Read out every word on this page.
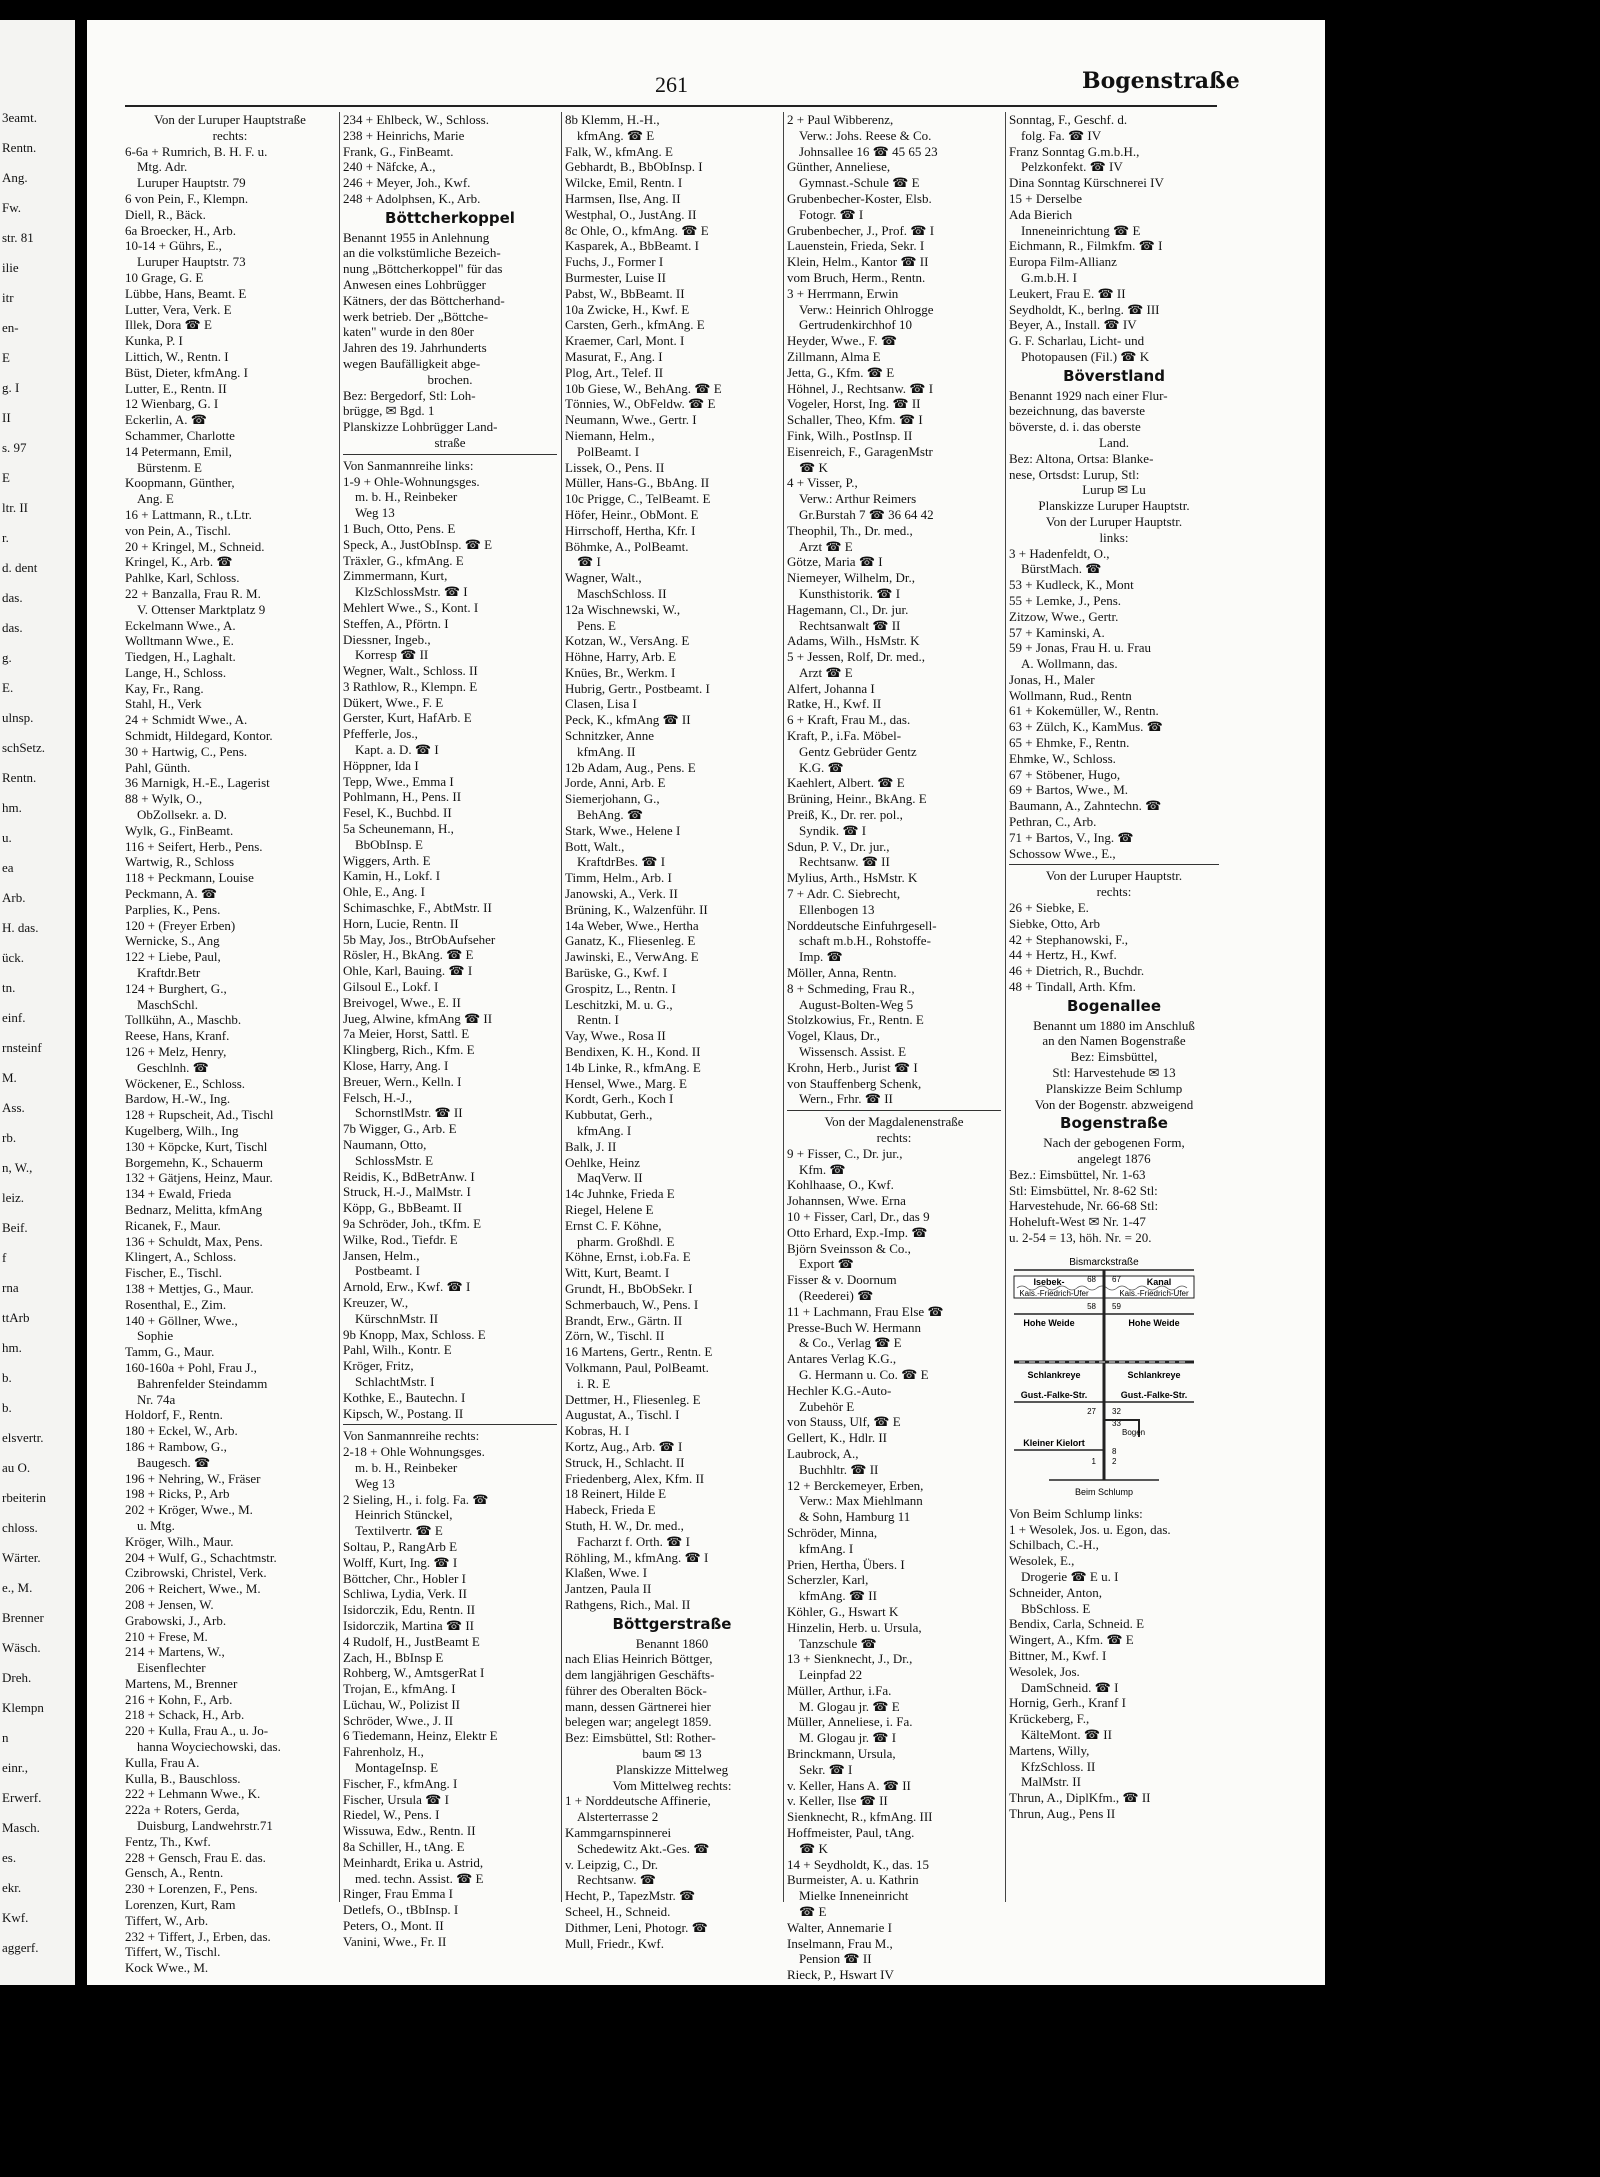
3eamt.
Rentn.
Ang.
Fw.
str. 81
ilie
itr
en-
E
g. I
II
s. 97
E
ltr. II
r.
d. dent
das.
das.
g.
E.
ulnsp.
schSetz.
Rentn.
hm.
u.
ea
Arb.
H. das.
ück.
tn.
einf.
rnsteinf
M.
Ass.
rb.
n, W.,
leiz.
Beif.
f
rna
ttArb
hm.
b.
b.
elsvertr.
au O.
rbeiterin
chloss.
Wärter.
e., M.
Brenner
Wäsch.
Dreh.
Klempn
n
einr.,
Erwerf.
Masch.
es.
ekr.
Kwf.
aggerf.
261	Bogenstraße
Von der Luruper Hauptstraße
rechts:
6-6a + Rumrich, B. H. F. u.
Mtg. Adr.
Luruper Hauptstr. 79
6 von Pein, F., Klempn.
Diell, R., Bäck.
6a Broecker, H., Arb.
10-14 + Gührs, E.,
Luruper Hauptstr. 73
10 Grage, G. E
Lübbe, Hans, Beamt. E
Lutter, Vera, Verk. E
Illek, Dora ☎ E
Kunka, P. I
Littich, W., Rentn. I
Büst, Dieter, kfmAng. I
Lutter, E., Rentn. II
12 Wienbarg, G. I
Eckerlin, A. ☎
Schammer, Charlotte
14 Petermann, Emil,
Bürstenm. E
Koopmann, Günther,
Ang. E
16 + Lattmann, R., t.Ltr.
von Pein, A., Tischl.
20 + Kringel, M., Schneid.
Kringel, K., Arb. ☎
Pahlke, Karl, Schloss.
22 + Banzalla, Frau R. M.
V. Ottenser Marktplatz 9
Eckelmann Wwe., A.
Wolltmann Wwe., E.
Tiedgen, H., Laghalt.
Lange, H., Schloss.
Kay, Fr., Rang.
Stahl, H., Verk
24 + Schmidt Wwe., A.
Schmidt, Hildegard, Kontor.
30 + Hartwig, C., Pens.
Pahl, Günth.
36 Marnigk, H.-E., Lagerist
88 + Wylk, O.,
ObZollsekr. a. D.
Wylk, G., FinBeamt.
116 + Seifert, Herb., Pens.
Wartwig, R., Schloss
118 + Peckmann, Louise
Peckmann, A. ☎
Parplies, K., Pens.
120 + (Freyer Erben)
Wernicke, S., Ang
122 + Liebe, Paul,
Kraftdr.Betr
124 + Burghert, G.,
MaschSchl.
Tollkühn, A., Maschb.
Reese, Hans, Kranf.
126 + Melz, Henry,
Geschlnh. ☎
Wöckener, E., Schloss.
Bardow, H.-W., Ing.
128 + Rupscheit, Ad., Tischl
Kugelberg, Wilh., Ing
130 + Köpcke, Kurt, Tischl
Borgemehn, K., Schauerm
132 + Gätjens, Heinz, Maur.
134 + Ewald, Frieda
Bednarz, Melitta, kfmAng
Ricanek, F., Maur.
136 + Schuldt, Max, Pens.
Klingert, A., Schloss.
Fischer, E., Tischl.
138 + Mettjes, G., Maur.
Rosenthal, E., Zim.
140 + Göllner, Wwe.,
Sophie
Tamm, G., Maur.
160-160a + Pohl, Frau J.,
Bahrenfelder Steindamm
Nr. 74a
Holdorf, F., Rentn.
180 + Eckel, W., Arb.
186 + Rambow, G.,
Baugesch. ☎
196 + Nehring, W., Fräser
198 + Ricks, P., Arb
202 + Kröger, Wwe., M.
u. Mtg.
Kröger, Wilh., Maur.
204 + Wulf, G., Schachtmstr.
Czibrowski, Christel, Verk.
206 + Reichert, Wwe., M.
208 + Jensen, W.
Grabowski, J., Arb.
210 + Frese, M.
214 + Martens, W.,
Eisenflechter
Martens, M., Brenner
216 + Kohn, F., Arb.
218 + Schack, H., Arb.
220 + Kulla, Frau A., u. Jo-
hanna Woyciechowski, das.
Kulla, Frau A.
Kulla, B., Bauschloss.
222 + Lehmann Wwe., K.
222a + Roters, Gerda,
Duisburg, Landwehrstr.71
Fentz, Th., Kwf.
228 + Gensch, Frau E. das.
Gensch, A., Rentn.
230 + Lorenzen, F., Pens.
Lorenzen, Kurt, Ram
Tiffert, W., Arb.
232 + Tiffert, J., Erben, das.
Tiffert, W., Tischl.
Kock Wwe., M.
234 + Ehlbeck, W., Schloss.
238 + Heinrichs, Marie
Frank, G., FinBeamt.
240 + Näfcke, A.,
246 + Meyer, Joh., Kwf.
248 + Adolphsen, K., Arb.
Böttcherkoppel
Benannt 1955 in Anlehnung
an die volkstümliche Bezeich-
nung „Böttcherkoppel" für das
Anwesen eines Lohbrügger
Kätners, der das Böttcherhand-
werk betrieb. Der „Böttche-
katen" wurde in den 80er
Jahren des 19. Jahrhunderts
wegen Baufälligkeit abge-
brochen.
Bez: Bergedorf, Stl: Loh-
brügge, ✉ Bgd. 1
Planskizze Lohbrügger Land-
straße
Von Sanmannreihe links:
1-9 + Ohle-Wohnungsges.
m. b. H., Reinbeker
Weg 13
1 Buch, Otto, Pens. E
Speck, A., JustObInsp. ☎ E
Träxler, G., kfmAng. E
Zimmermann, Kurt,
KlzSchlossMstr. ☎ I
Mehlert Wwe., S., Kont. I
Steffen, A., Pförtn. I
Diessner, Ingeb.,
Korresp ☎ II
Wegner, Walt., Schloss. II
3 Rathlow, R., Klempn. E
Dükert, Wwe., F. E
Gerster, Kurt, HafArb. E
Pfefferle, Jos.,
Kapt. a. D. ☎ I
Höppner, Ida I
Tepp, Wwe., Emma I
Pohlmann, H., Pens. II
Fesel, K., Buchbd. II
5a Scheunemann, H.,
BbObInsp. E
Wiggers, Arth. E
Kamin, H., Lokf. I
Ohle, E., Ang. I
Schimaschke, F., AbtMstr. II
Horn, Lucie, Rentn. II
5b May, Jos., BtrObAufseher
Rösler, H., BkAng. ☎ E
Ohle, Karl, Bauing. ☎ I
Gilsoul E., Lokf. I
Breivogel, Wwe., E. II
Jueg, Alwine, kfmAng ☎ II
7a Meier, Horst, Sattl. E
Klingberg, Rich., Kfm. E
Klose, Harry, Ang. I
Breuer, Wern., Kelln. I
Felsch, H.-J.,
SchornstlMstr. ☎ II
7b Wigger, G., Arb. E
Naumann, Otto,
SchlossMstr. E
Reidis, K., BdBetrAnw. I
Struck, H.-J., MalMstr. I
Köpp, G., BbBeamt. II
9a Schröder, Joh., tKfm. E
Wilke, Rod., Tiefdr. E
Jansen, Helm.,
Postbeamt. I
Arnold, Erw., Kwf. ☎ I
Kreuzer, W.,
KürschnMstr. II
9b Knopp, Max, Schloss. E
Pahl, Wilh., Kontr. E
Kröger, Fritz,
SchlachtMstr. I
Kothke, E., Bautechn. I
Kipsch, W., Postang. II
Von Sanmannreihe rechts:
2-18 + Ohle Wohnungsges.
m. b. H., Reinbeker
Weg 13
2 Sieling, H., i. folg. Fa. ☎
Heinrich Stünckel,
Textilvertr. ☎ E
Soltau, P., RangArb E
Wolff, Kurt, Ing. ☎ I
Böttcher, Chr., Hobler I
Schliwa, Lydia, Verk. II
Isidorczik, Edu, Rentn. II
Isidorczik, Martina ☎ II
4 Rudolf, H., JustBeamt E
Zach, H., BbInsp E
Rohberg, W., AmtsgerRat I
Trojan, E., kfmAng. I
Lüchau, W., Polizist II
Schröder, Wwe., J. II
6 Tiedemann, Heinz, Elektr E
Fahrenholz, H.,
MontageInsp. E
Fischer, F., kfmAng. I
Fischer, Ursula ☎ I
Riedel, W., Pens. I
Wissuwa, Edw., Rentn. II
8a Schiller, H., tAng. E
Meinhardt, Erika u. Astrid,
med. techn. Assist. ☎ E
Ringer, Frau Emma I
Detlefs, O., tBbInsp. I
Peters, O., Mont. II
Vanini, Wwe., Fr. II
8b Klemm, H.-H.,
kfmAng. ☎ E
Falk, W., kfmAng. E
Gebhardt, B., BbObInsp. I
Wilcke, Emil, Rentn. I
Harmsen, Ilse, Ang. II
Westphal, O., JustAng. II
8c Ohle, O., kfmAng. ☎ E
Kasparek, A., BbBeamt. I
Fuchs, J., Former I
Burmester, Luise II
Pabst, W., BbBeamt. II
10a Zwicke, H., Kwf. E
Carsten, Gerh., kfmAng. E
Kraemer, Carl, Mont. I
Masurat, F., Ang. I
Plog, Art., Telef. II
10b Giese, W., BehAng. ☎ E
Tönnies, W., ObFeldw. ☎ E
Neumann, Wwe., Gertr. I
Niemann, Helm.,
PolBeamt. I
Lissek, O., Pens. II
Müller, Hans-G., BbAng. II
10c Prigge, C., TelBeamt. E
Höfer, Heinr., ObMont. E
Hirrschoff, Hertha, Kfr. I
Böhmke, A., PolBeamt.
☎ I
Wagner, Walt.,
MaschSchloss. II
12a Wischnewski, W.,
Pens. E
Kotzan, W., VersAng. E
Höhne, Harry, Arb. E
Knües, Br., Werkm. I
Hubrig, Gertr., Postbeamt. I
Clasen, Lisa I
Peck, K., kfmAng ☎ II
Schnitzker, Anne
kfmAng. II
12b Adam, Aug., Pens. E
Jorde, Anni, Arb. E
Siemerjohann, G.,
BehAng. ☎
Stark, Wwe., Helene I
Bott, Walt.,
KraftdrBes. ☎ I
Timm, Helm., Arb. I
Janowski, A., Verk. II
Brüning, K., Walzenführ. II
14a Weber, Wwe., Hertha
Ganatz, K., Fliesenleg. E
Jawinski, E., VerwAng. E
Barüske, G., Kwf. I
Grospitz, L., Rentn. I
Leschitzki, M. u. G.,
Rentn. I
Vay, Wwe., Rosa II
Bendixen, K. H., Kond. II
14b Linke, R., kfmAng. E
Hensel, Wwe., Marg. E
Kordt, Gerh., Koch I
Kubbutat, Gerh.,
kfmAng. I
Balk, J. II
Oehlke, Heinz
MaqVerw. II
14c Juhnke, Frieda E
Riegel, Helene E
Ernst C. F. Köhne,
pharm. Großhdl. E
Köhne, Ernst, i.ob.Fa. E
Witt, Kurt, Beamt. I
Grundt, H., BbObSekr. I
Schmerbauch, W., Pens. I
Brandt, Erw., Gärtn. II
Zörn, W., Tischl. II
16 Martens, Gertr., Rentn. E
Volkmann, Paul, PolBeamt.
i. R. E
Dettmer, H., Fliesenleg. E
Augustat, A., Tischl. I
Kobras, H. I
Kortz, Aug., Arb. ☎ I
Struck, H., Schlacht. II
Friedenberg, Alex, Kfm. II
18 Reinert, Hilde E
Habeck, Frieda E
Stuth, H. W., Dr. med.,
Facharzt f. Orth. ☎ I
Röhling, M., kfmAng. ☎ I
Klaßen, Wwe. I
Jantzen, Paula II
Rathgens, Rich., Mal. II
Böttgerstraße
Benannt 1860
nach Elias Heinrich Böttger,
dem langjährigen Geschäfts-
führer des Oberalten Böck-
mann, dessen Gärtnerei hier
belegen war; angelegt 1859.
Bez: Eimsbüttel, Stl: Rother-
baum ✉ 13
Planskizze Mittelweg
Vom Mittelweg rechts:
1 + Norddeutsche Affinerie,
Alsterterrasse 2
Kammgarnspinnerei
Schedewitz Akt.-Ges. ☎
v. Leipzig, C., Dr.
Rechtsanw. ☎
Hecht, P., TapezMstr. ☎
Scheel, H., Schneid.
Dithmer, Leni, Photogr. ☎
Mull, Friedr., Kwf.
2 + Paul Wibberenz,
Verw.: Johs. Reese & Co.
Johnsallee 16 ☎ 45 65 23
Günther, Anneliese,
Gymnast.-Schule ☎ E
Grubenbecher-Koster, Elsb.
Fotogr. ☎ I
Grubenbecher, J., Prof. ☎ I
Lauenstein, Frieda, Sekr. I
Klein, Helm., Kantor ☎ II
vom Bruch, Herm., Rentn.
3 + Herrmann, Erwin
Verw.: Heinrich Ohlrogge
Gertrudenkirchhof 10
Heyder, Wwe., F. ☎
Zillmann, Alma E
Jetta, G., Kfm. ☎ E
Höhnel, J., Rechtsanw. ☎ I
Vogeler, Horst, Ing. ☎ II
Schaller, Theo, Kfm. ☎ I
Fink, Wilh., PostInsp. II
Eisenreich, F., GaragenMstr
☎ K
4 + Visser, P.,
Verw.: Arthur Reimers
Gr.Burstah 7 ☎ 36 64 42
Theophil, Th., Dr. med.,
Arzt ☎ E
Götze, Maria ☎ I
Niemeyer, Wilhelm, Dr.,
Kunsthistorik. ☎ I
Hagemann, Cl., Dr. jur.
Rechtsanwalt ☎ II
Adams, Wilh., HsMstr. K
5 + Jessen, Rolf, Dr. med.,
Arzt ☎ E
Alfert, Johanna I
Ratke, H., Kwf. II
6 + Kraft, Frau M., das.
Kraft, P., i.Fa. Möbel-
Gentz Gebrüder Gentz
K.G. ☎
Kaehlert, Albert. ☎ E
Brüning, Heinr., BkAng. E
Preiß, K., Dr. rer. pol.,
Syndik. ☎ I
Sdun, P. V., Dr. jur.,
Rechtsanw. ☎ II
Mylius, Arth., HsMstr. K
7 + Adr. C. Siebrecht,
Ellenbogen 13
Norddeutsche Einfuhrgesell-
schaft m.b.H., Rohstoffe-
Imp. ☎
Möller, Anna, Rentn.
8 + Schmeding, Frau R.,
August-Bolten-Weg 5
Stolzkowius, Fr., Rentn. E
Vogel, Klaus, Dr.,
Wissensch. Assist. E
Krohn, Herb., Jurist ☎ I
von Stauffenberg Schenk,
Wern., Frhr. ☎ II
Von der Magdalenenstraße
rechts:
9 + Fisser, C., Dr. jur.,
Kfm. ☎
Kohlhaase, O., Kwf.
Johannsen, Wwe. Erna
10 + Fisser, Carl, Dr., das 9
Otto Erhard, Exp.-Imp. ☎
Björn Sveinsson & Co.,
Export ☎
Fisser & v. Doornum
(Reederei) ☎
11 + Lachmann, Frau Else ☎
Presse-Buch W. Hermann
& Co., Verlag ☎ E
Antares Verlag K.G.,
G. Hermann u. Co. ☎ E
Hechler K.G.-Auto-
Zubehör E
von Stauss, Ulf, ☎ E
Gellert, K., Hdlr. II
Laubrock, A.,
Buchhltr. ☎ II
12 + Berckemeyer, Erben,
Verw.: Max Miehlmann
& Sohn, Hamburg 11
Schröder, Minna,
kfmAng. I
Prien, Hertha, Übers. I
Scherzler, Karl,
kfmAng. ☎ II
Köhler, G., Hswart K
Hinzelin, Herb. u. Ursula,
Tanzschule ☎
13 + Sienknecht, J., Dr.,
Leinpfad 22
Müller, Arthur, i.Fa.
M. Glogau jr. ☎ E
Müller, Anneliese, i. Fa.
M. Glogau jr. ☎ I
Brinckmann, Ursula,
Sekr. ☎ I
v. Keller, Hans A. ☎ II
v. Keller, Ilse ☎ II
Sienknecht, R., kfmAng. III
Hoffmeister, Paul, tAng.
☎ K
14 + Seydholdt, K., das. 15
Burmeister, A. u. Kathrin
Mielke Inneneinricht
☎ E
Walter, Annemarie I
Inselmann, Frau M.,
Pension ☎ II
Rieck, P., Hswart IV
Sonntag, F., Geschf. d.
folg. Fa. ☎ IV
Franz Sonntag G.m.b.H.,
Pelzkonfekt. ☎ IV
Dina Sonntag Kürschnerei IV
15 + Derselbe
Ada Bierich
Inneneinrichtung ☎ E
Eichmann, R., Filmkfm. ☎ I
Europa Film-Allianz
G.m.b.H. I
Leukert, Frau E. ☎ II
Seydholdt, K., berlng. ☎ III
Beyer, A., Install. ☎ IV
G. F. Scharlau, Licht- und
Photopausen (Fil.) ☎ K
Böverstland
Benannt 1929 nach einer Flur-
bezeichnung, das baverste
böverste, d. i. das oberste
Land.
Bez: Altona, Ortsa: Blanke-
nese, Ortsdst: Lurup, Stl:
Lurup ✉ Lu
Planskizze Luruper Hauptstr.
Von der Luruper Hauptstr.
links:
3 + Hadenfeldt, O.,
BürstMach. ☎
53 + Kudleck, K., Mont
55 + Lemke, J., Pens.
Zitzow, Wwe., Gertr.
57 + Kaminski, A.
59 + Jonas, Frau H. u. Frau
A. Wollmann, das.
Jonas, H., Maler
Wollmann, Rud., Rentn
61 + Kokemüller, W., Rentn.
63 + Zülch, K., KamMus. ☎
65 + Ehmke, F., Rentn.
Ehmke, W., Schloss.
67 + Stöbener, Hugo,
69 + Bartos, Wwe., M.
Baumann, A., Zahntechn. ☎
Pethran, C., Arb.
71 + Bartos, V., Ing. ☎
Schossow Wwe., E.,
Von der Luruper Hauptstr.
rechts:
26 + Siebke, E.
Siebke, Otto, Arb
42 + Stephanowski, F.,
44 + Hertz, H., Kwf.
46 + Dietrich, R., Buchdr.
48 + Tindall, Arth. Kfm.
Bogenallee
Benannt um 1880 im Anschluß
an den Namen Bogenstraße
Bez: Eimsbüttel,
Stl: Harvestehude ✉ 13
Planskizze Beim Schlump
Von der Bogenstr. abzweigend
Bogenstraße
Nach der gebogenen Form,
angelegt 1876
Bez.: Eimsbüttel, Nr. 1-63
Stl: Eimsbüttel, Nr. 8-62 Stl:
Harvestehude, Nr. 66-68 Stl:
Hoheluft-West ✉ Nr. 1-47
u. 2-54 = 13, höh. Nr. = 20.
Bismarckstraße
Isebek-	Kanal
Kais.-Friedrich-Ufer	Kais.-Friedrich-Ufer
68 67
59
58
Hohe Weide	Hohe Weide
Schlankreye	Schlankreye
Gust.-Falke-Str.	Gust.-Falke-Str.
32
27
33
Bogen
Kleiner Kielort
1 2
8
Beim Schlump
Von Beim Schlump links:
1 + Wesolek, Jos. u. Egon, das.
Schilbach, C.-H.,
Wesolek, E.,
Drogerie ☎ E u. I
Schneider, Anton,
BbSchloss. E
Bendix, Carla, Schneid. E
Wingert, A., Kfm. ☎ E
Bittner, M., Kwf. I
Wesolek, Jos.
DamSchneid. ☎ I
Hornig, Gerh., Kranf I
Krückeberg, F.,
KälteMont. ☎ II
Martens, Willy,
KfzSchloss. II
MalMstr. II
Thrun, A., DiplKfm., ☎ II
Thrun, Aug., Pens II
